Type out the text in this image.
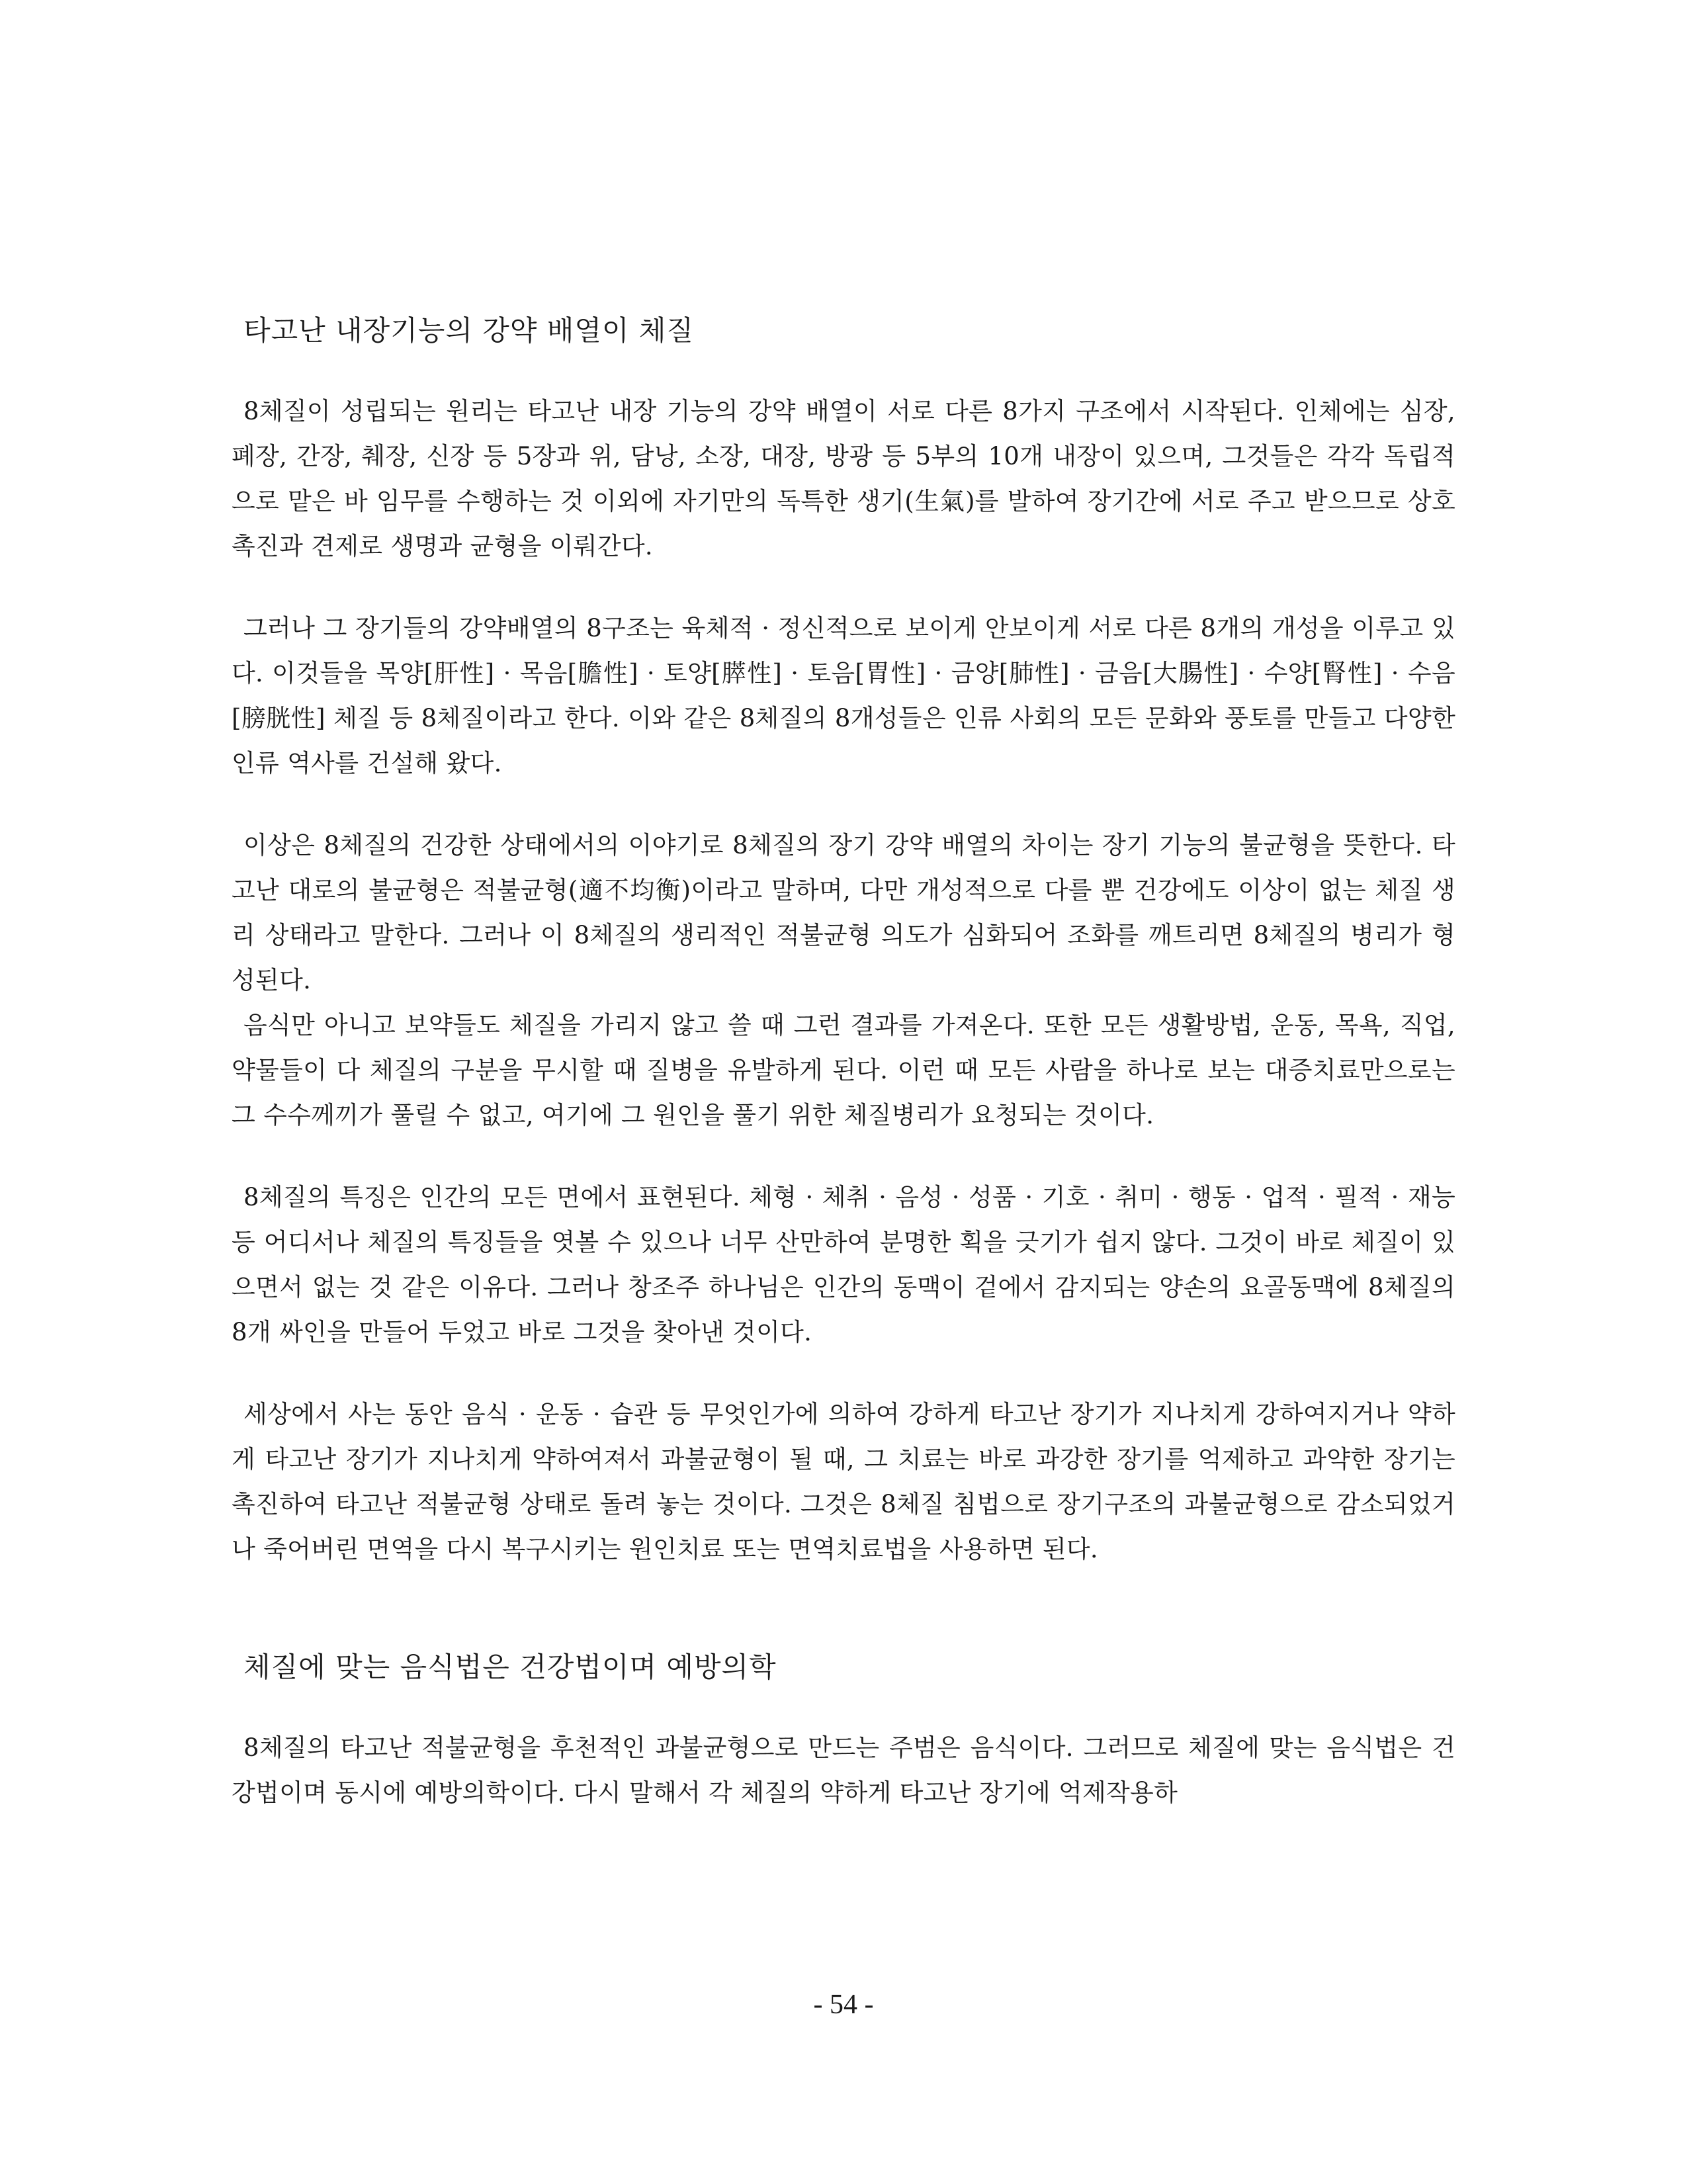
타고난 내장기능의 강약 배열이 체질

8체질이 성립되는 원리는 타고난 내장 기능의 강약 배열이 서로 다른 8가지 구조에서 시작된다. 인체에는 심장, 폐장, 간장, 췌장, 신장 등 5장과 위, 담낭, 소장, 대장, 방광 등 5부의 10개 내장이 있으며, 그것들은 각각 독립적으로 맡은 바 임무를 수행하는 것 이외에 자기만의 독특한 생기(生氣)를 발하여 장기간에 서로 주고 받으므로 상호 촉진과 견제로 생명과 균형을 이뤄간다.

그러나 그 장기들의 강약배열의 8구조는 육체적 · 정신적으로 보이게 안보이게 서로 다른 8개의 개성을 이루고 있다. 이것들을 목양[肝性] · 목음[膽性] · 토양[膵性] · 토음[胃性] · 금양[肺性] · 금음[大腸性] · 수양[腎性] · 수음[膀胱性] 체질 등 8체질이라고 한다. 이와 같은 8체질의 8개성들은 인류 사회의 모든 문화와 풍토를 만들고 다양한 인류 역사를 건설해 왔다.

이상은 8체질의 건강한 상태에서의 이야기로 8체질의 장기 강약 배열의 차이는 장기 기능의 불균형을 뜻한다. 타고난 대로의 불균형은 적불균형(適不均衡)이라고 말하며, 다만 개성적으로 다를 뿐 건강에도 이상이 없는 체질 생리 상태라고 말한다. 그러나 이 8체질의 생리적인 적불균형 의도가 심화되어 조화를 깨트리면 8체질의 병리가 형성된다.

음식만 아니고 보약들도 체질을 가리지 않고 쓸 때 그런 결과를 가져온다. 또한 모든 생활방법, 운동, 목욕, 직업, 약물들이 다 체질의 구분을 무시할 때 질병을 유발하게 된다. 이런 때 모든 사람을 하나로 보는 대증치료만으로는 그 수수께끼가 풀릴 수 없고, 여기에 그 원인을 풀기 위한 체질병리가 요청되는 것이다.

8체질의 특징은 인간의 모든 면에서 표현된다. 체형 · 체취 · 음성 · 성품 · 기호 · 취미 · 행동 · 업적 · 필적 · 재능 등 어디서나 체질의 특징들을 엿볼 수 있으나 너무 산만하여 분명한 획을 긋기가 쉽지 않다. 그것이 바로 체질이 있으면서 없는 것 같은 이유다. 그러나 창조주 하나님은 인간의 동맥이 겉에서 감지되는 양손의 요골동맥에 8체질의 8개 싸인을 만들어 두었고 바로 그것을 찾아낸 것이다.

세상에서 사는 동안 음식 · 운동 · 습관 등 무엇인가에 의하여 강하게 타고난 장기가 지나치게 강하여지거나 약하게 타고난 장기가 지나치게 약하여져서 과불균형이 될 때, 그 치료는 바로 과강한 장기를 억제하고 과약한 장기는 촉진하여 타고난 적불균형 상태로 돌려 놓는 것이다. 그것은 8체질 침법으로 장기구조의 과불균형으로 감소되었거나 죽어버린 면역을 다시 복구시키는 원인치료 또는 면역치료법을 사용하면 된다.

체질에 맞는 음식법은 건강법이며 예방의학

8체질의 타고난 적불균형을 후천적인 과불균형으로 만드는 주범은 음식이다. 그러므로 체질에 맞는 음식법은 건강법이며 동시에 예방의학이다. 다시 말해서 각 체질의 약하게 타고난 장기에 억제작용하

- 54 -
